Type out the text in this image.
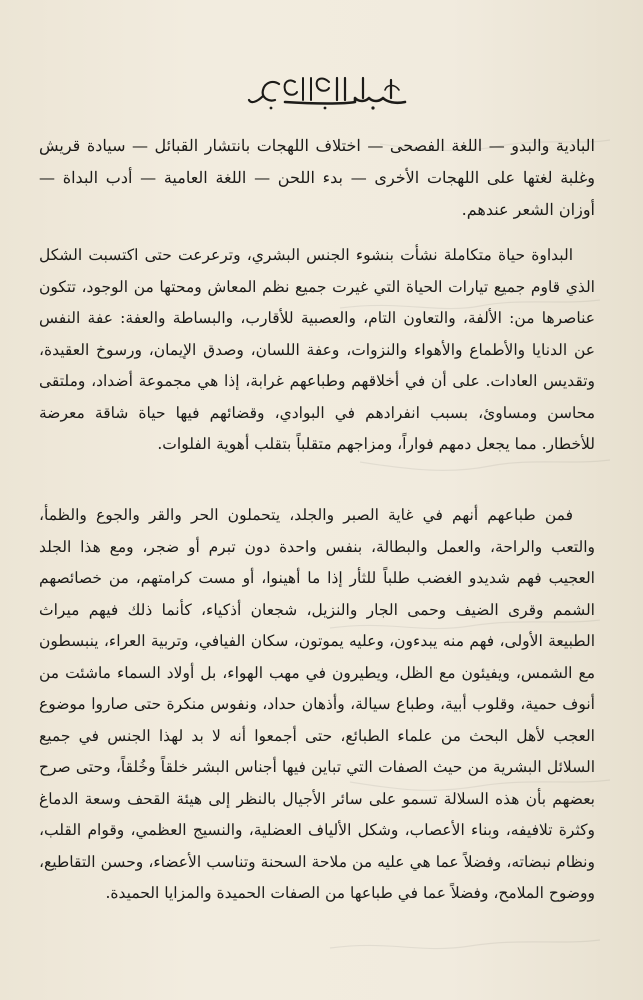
البادية والبدو — اللغة الفصحى — اختلاف اللهجات بانتشار القبائل — سيادة قريش وغلبة لغتها على اللهجات الأخرى — بدء اللحن — اللغة العامية — أدب البداة — أوزان الشعر عندهم.

البداوة حياة متكاملة نشأت بنشوء الجنس البشري، وترعرعت حتى اكتسبت الشكل الذي قاوم جميع تيارات الحياة التي غيرت جميع نظم المعاش ومحتها من الوجود، تتكون عناصرها من: الألفة، والتعاون التام، والعصبية للأقارب، والبساطة والعفة: عفة النفس عن الدنايا والأطماع والأهواء والنزوات، وعفة اللسان، وصدق الإيمان، ورسوخ العقيدة، وتقديس العادات. على أن في أخلاقهم وطباعهم غرابة، إذا هي مجموعة أضداد، وملتقى محاسن ومساوئ، بسبب انفرادهم في البوادي، وقضائهم فيها حياة شاقة معرضة للأخطار. مما يجعل دمهم فواراً، ومزاجهم متقلباً بتقلب أهوية الفلوات.

فمن طباعهم أنهم في غاية الصبر والجلد، يتحملون الحر والقر والجوع والظمأ، والتعب والراحة، والعمل والبطالة، بنفس واحدة دون تبرم أو ضجر، ومع هذا الجلد العجيب فهم شديدو الغضب طلباً للثأر إذا ما أهينوا، أو مست كرامتهم، من خصائصهم الشمم وقرى الضيف وحمى الجار والنزيل، شجعان أذكياء، كأنما ذلك فيهم ميراث الطبيعة الأولى، فهم منه يبدءون، وعليه يموتون، سكان الفيافي، وتربية العراء، ينبسطون مع الشمس، ويفيئون مع الظل، ويطيرون في مهب الهواء، بل أولاد السماء ماشئت من أنوف حمية، وقلوب أبية، وطباع سيالة، وأذهان حداد، ونفوس منكرة حتى صاروا موضوع العجب لأهل البحث من علماء الطبائع، حتى أجمعوا أنه لا بد لهذا الجنس في جميع السلائل البشرية من حيث الصفات التي تباين فيها أجناس البشر خلقاً وخُلقاً، وحتى صرح بعضهم بأن هذه السلالة تسمو على سائر الأجيال بالنظر إلى هيئة القحف وسعة الدماغ وكثرة تلافيفه، وبناء الأعصاب، وشكل الألياف العضلية، والنسيج العظمي، وقوام القلب، ونظام نبضاته، وفضلاً عما هي عليه من ملاحة السحنة وتناسب الأعضاء، وحسن التقاطيع، ووضوح الملامح، وفضلاً عما في طباعها من الصفات الحميدة والمزايا الحميدة.
